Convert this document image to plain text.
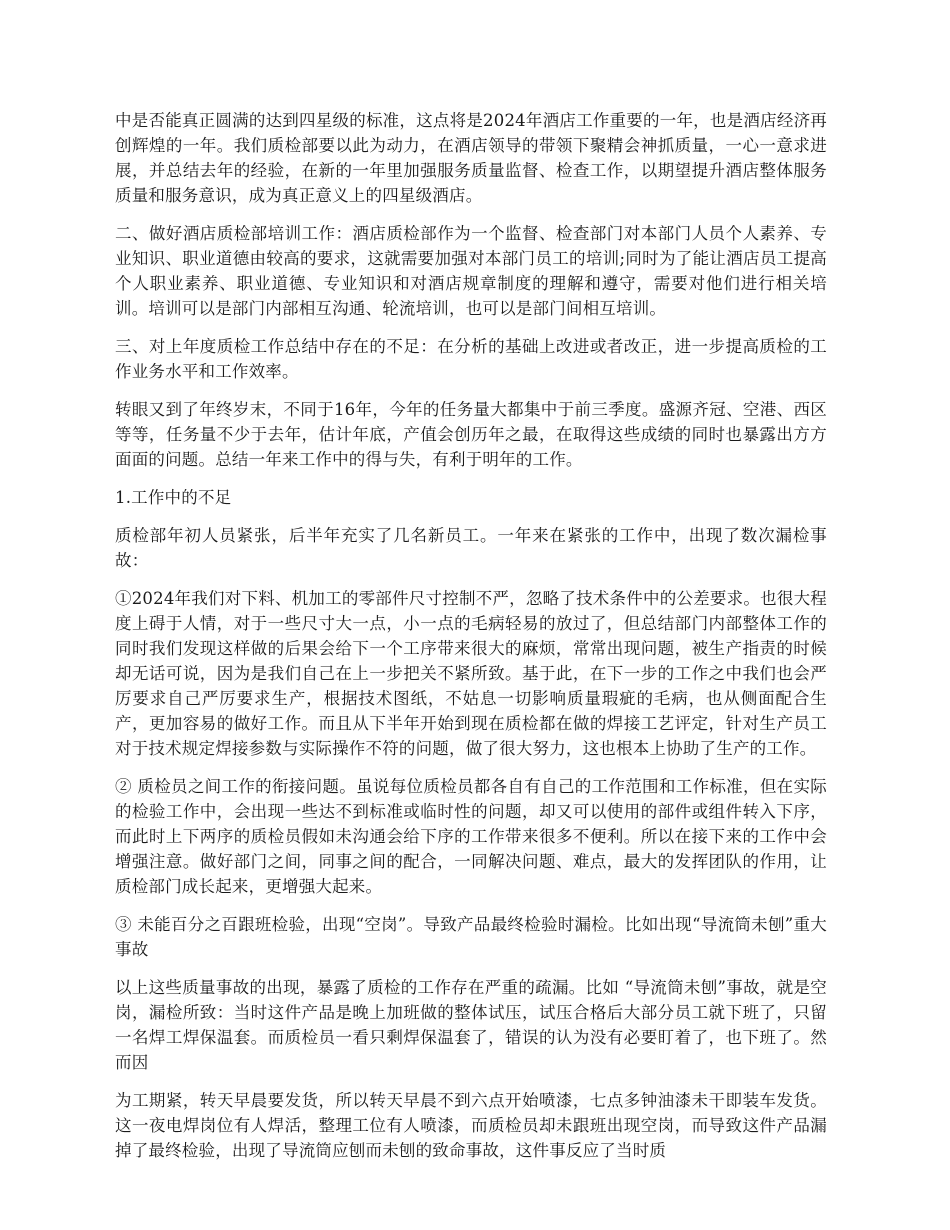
中是否能真正圆满的达到四星级的标准，这点将是2024年酒店工作重要的一年，也是酒店经济再创辉煌的一年。我们质检部要以此为动力，在酒店领导的带领下聚精会神抓质量，一心一意求进展，并总结去年的经验，在新的一年里加强服务质量监督、检查工作，以期望提升酒店整体服务质量和服务意识，成为真正意义上的四星级酒店。

二、做好酒店质检部培训工作：酒店质检部作为一个监督、检查部门对本部门人员个人素养、专业知识、职业道德由较高的要求，这就需要加强对本部门员工的培训;同时为了能让酒店员工提高个人职业素养、职业道德、专业知识和对酒店规章制度的理解和遵守，需要对他们进行相关培训。培训可以是部门内部相互沟通、轮流培训，也可以是部门间相互培训。

三、对上年度质检工作总结中存在的不足：在分析的基础上改进或者改正，进一步提高质检的工作业务水平和工作效率。

转眼又到了年终岁末，不同于16年，今年的任务量大都集中于前三季度。盛源齐冠、空港、西区等等，任务量不少于去年，估计年底，产值会创历年之最，在取得这些成绩的同时也暴露出方方面面的问题。总结一年来工作中的得与失，有利于明年的工作。

1.工作中的不足

质检部年初人员紧张，后半年充实了几名新员工。一年来在紧张的工作中，出现了数次漏检事故：

①2024年我们对下料、机加工的零部件尺寸控制不严，忽略了技术条件中的公差要求。也很大程度上碍于人情，对于一些尺寸大一点，小一点的毛病轻易的放过了，但总结部门内部整体工作的同时我们发现这样做的后果会给下一个工序带来很大的麻烦，常常出现问题，被生产指责的时候却无话可说，因为是我们自己在上一步把关不紧所致。基于此，在下一步的工作之中我们也会严厉要求自己严厉要求生产，根据技术图纸，不姑息一切影响质量瑕疵的毛病，也从侧面配合生产，更加容易的做好工作。而且从下半年开始到现在质检都在做的焊接工艺评定，针对生产员工对于技术规定焊接参数与实际操作不符的问题，做了很大努力，这也根本上协助了生产的工作。

② 质检员之间工作的衔接问题。虽说每位质检员都各自有自己的工作范围和工作标准，但在实际的检验工作中，会出现一些达不到标准或临时性的问题，却又可以使用的部件或组件转入下序，而此时上下两序的质检员假如未沟通会给下序的工作带来很多不便利。所以在接下来的工作中会增强注意。做好部门之间，同事之间的配合，一同解决问题、难点，最大的发挥团队的作用，让质检部门成长起来，更增强大起来。

③ 未能百分之百跟班检验，出现“空岗”。导致产品最终检验时漏检。比如出现“导流筒未刨”重大事故

以上这些质量事故的出现，暴露了质检的工作存在严重的疏漏。比如 “导流筒未刨”事故，就是空岗，漏检所致：当时这件产品是晚上加班做的整体试压，试压合格后大部分员工就下班了，只留一名焊工焊保温套。而质检员一看只剩焊保温套了，错误的认为没有必要盯着了，也下班了。然而因

为工期紧，转天早晨要发货，所以转天早晨不到六点开始喷漆，七点多钟油漆未干即装车发货。这一夜电焊岗位有人焊活，整理工位有人喷漆，而质检员却未跟班出现空岗，而导致这件产品漏掉了最终检验，出现了导流筒应刨而未刨的致命事故，这件事反应了当时质
